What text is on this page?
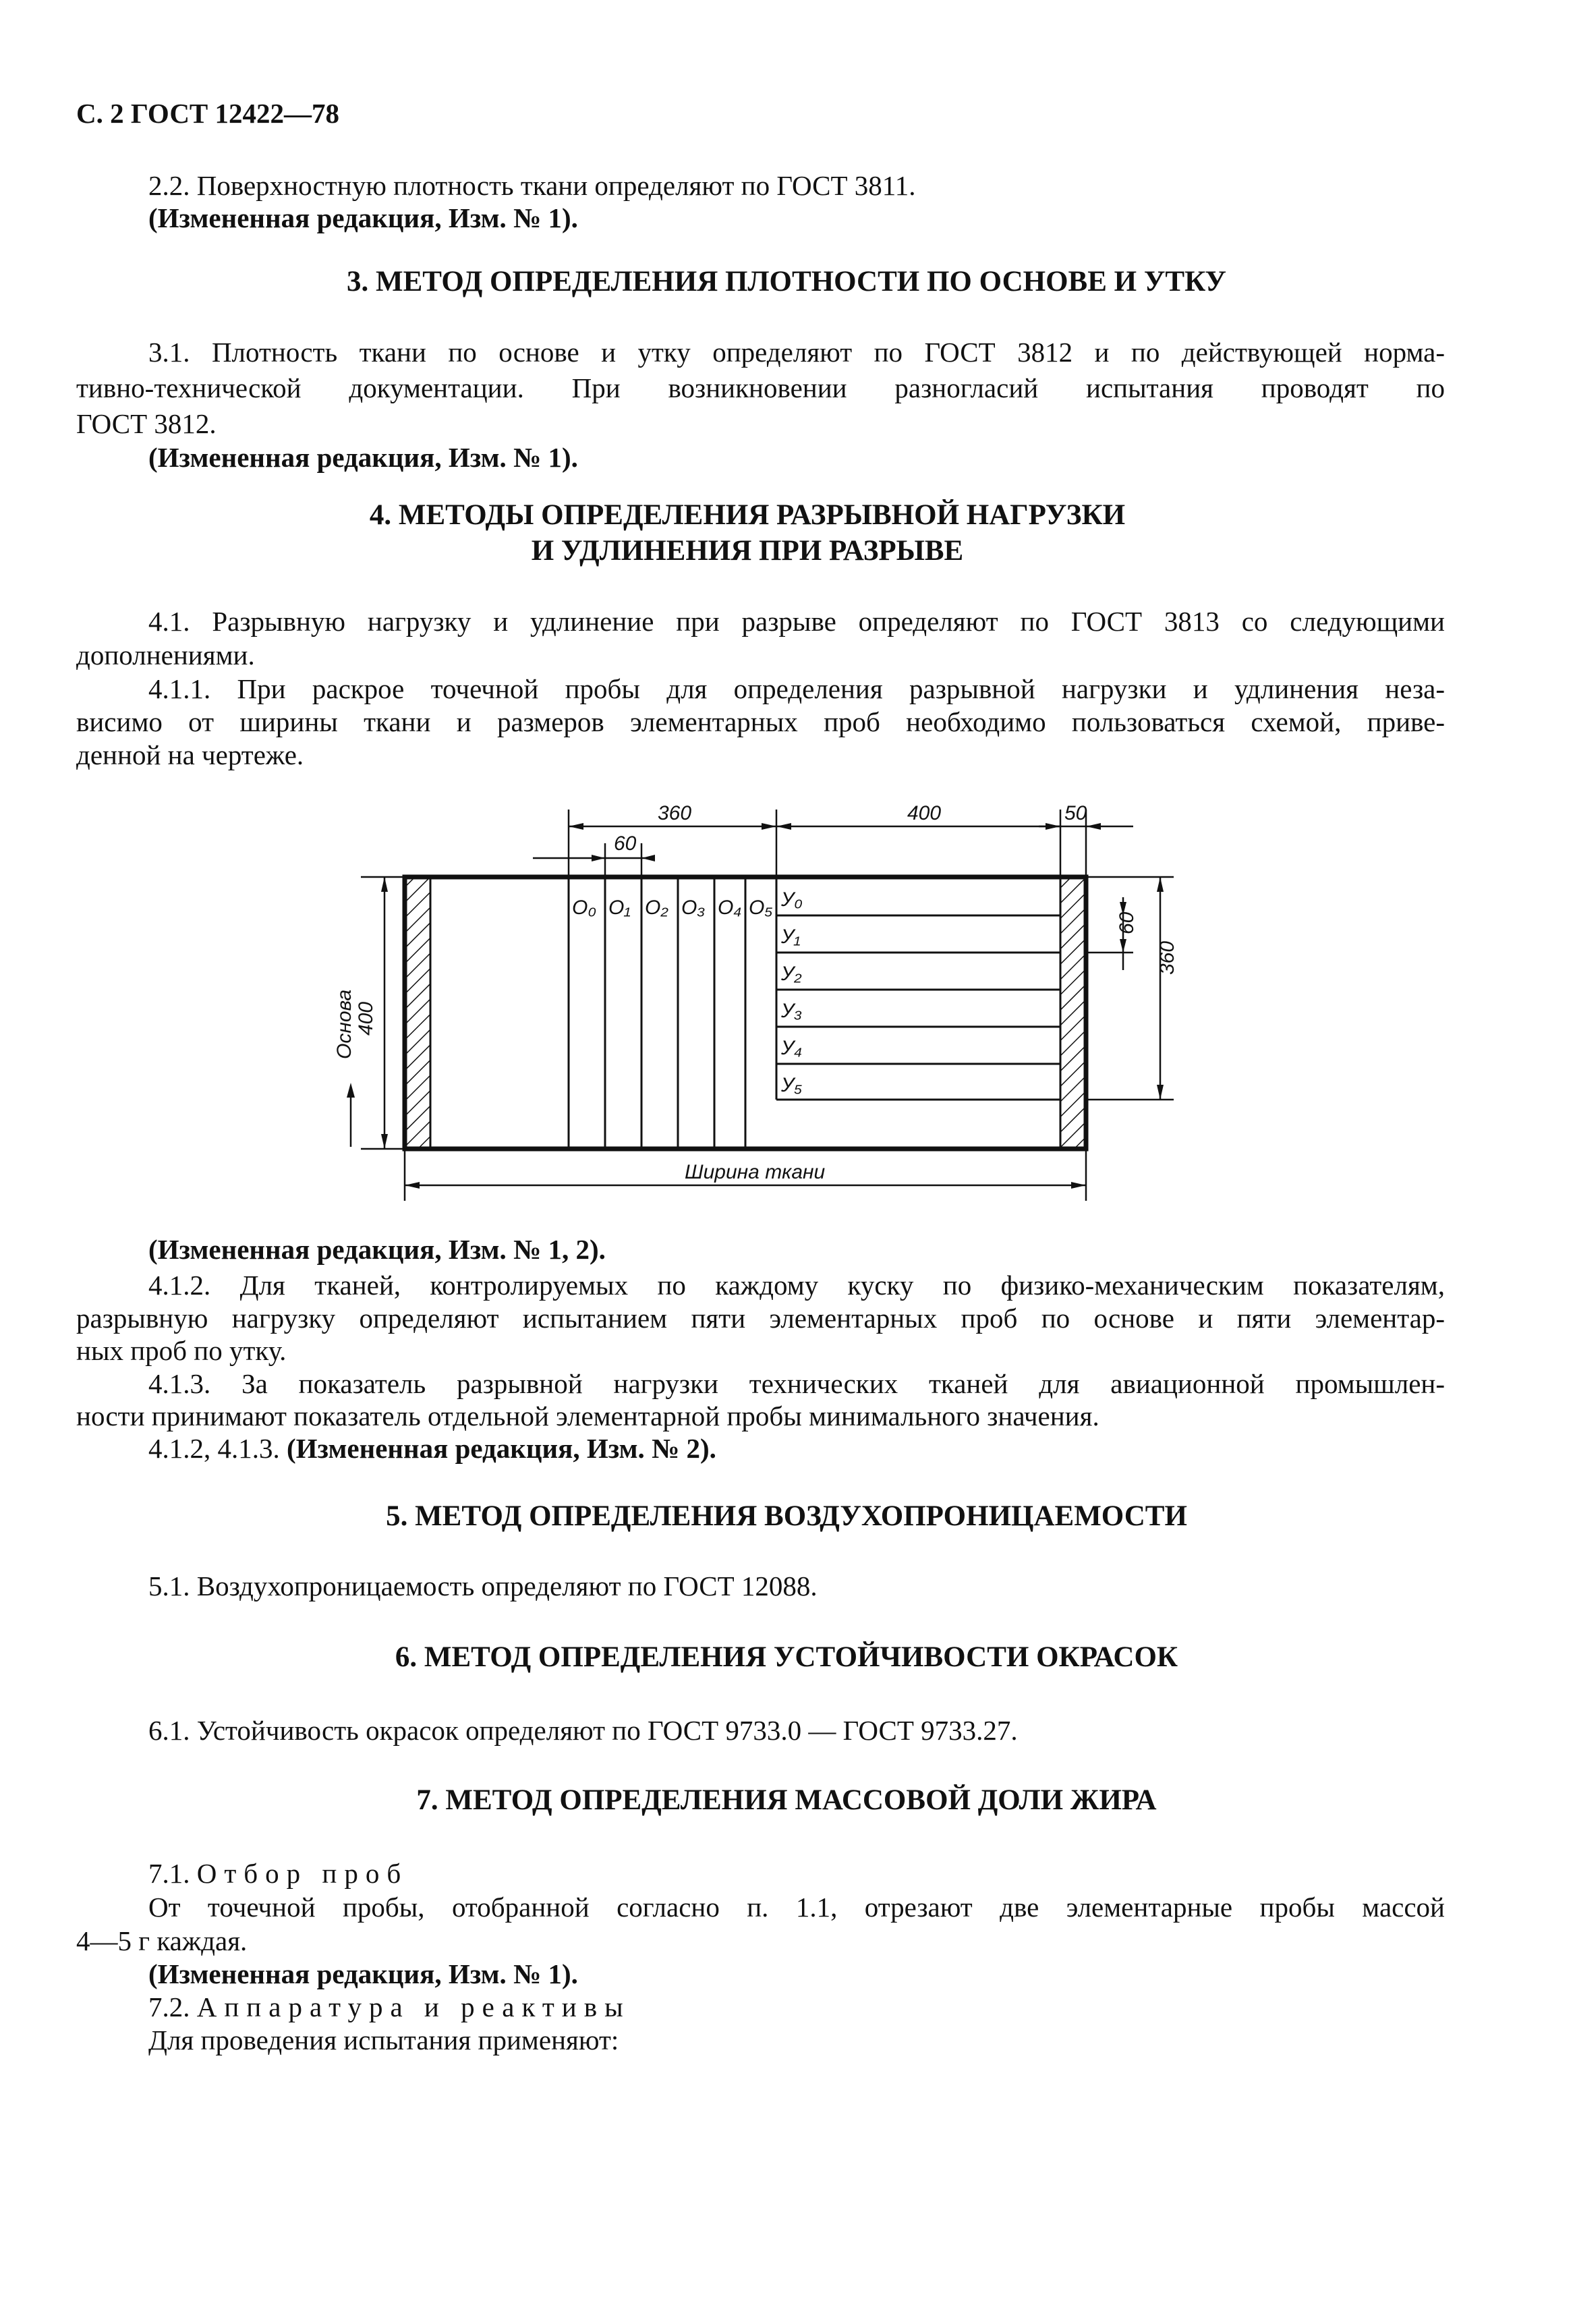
С. 2 ГОСТ 12422—78
2.2. Поверхностную плотность ткани определяют по ГОСТ 3811.
(Измененная редакция, Изм. № 1).
3. МЕТОД ОПРЕДЕЛЕНИЯ ПЛОТНОСТИ ПО ОСНОВЕ И УТКУ
3.1. Плотность ткани по основе и утку определяют по ГОСТ 3812 и по действующей норма-
тивно-технической документации. При возникновении разногласий испытания проводят по
ГОСТ 3812.
(Измененная редакция, Изм. № 1).
4. МЕТОДЫ ОПРЕДЕЛЕНИЯ РАЗРЫВНОЙ НАГРУЗКИ
И УДЛИНЕНИЯ ПРИ РАЗРЫВЕ
4.1. Разрывную нагрузку и удлинение при разрыве определяют по ГОСТ 3813 со следующими
дополнениями.
4.1.1. При раскрое точечной пробы для определения разрывной нагрузки и удлинения неза-
висимо от ширины ткани и размеров элементарных проб необходимо пользоваться схемой, приве-
денной на чертеже.
360
60
400	50
60
360
Основа 400
Ширина ткани
О₀ О₁ О₂ О₃ О₄ О₅ У₀
У₁
У₂
У₃
У₄
У₅
(Измененная редакция, Изм. № 1, 2).
4.1.2. Для тканей, контролируемых по каждому куску по физико-механическим показателям,
разрывную нагрузку определяют испытанием пяти элементарных проб по основе и пяти элементар-
ных проб по утку.
4.1.3. За показатель разрывной нагрузки технических тканей для авиационной промышлен-
ности принимают показатель отдельной элементарной пробы минимального значения.
4.1.2, 4.1.3. (Измененная редакция, Изм. № 2).
5. МЕТОД ОПРЕДЕЛЕНИЯ ВОЗДУХОПРОНИЦАЕМОСТИ
5.1. Воздухопроницаемость определяют по ГОСТ 12088.
6. МЕТОД ОПРЕДЕЛЕНИЯ УСТОЙЧИВОСТИ ОКРАСОК
6.1. Устойчивость окрасок определяют по ГОСТ 9733.0 — ГОСТ 9733.27.
7. МЕТОД ОПРЕДЕЛЕНИЯ МАССОВОЙ ДОЛИ ЖИРА
7.1. Отбор проб
От точечной пробы, отобранной согласно п. 1.1, отрезают две элементарные пробы массой
4—5 г каждая.
(Измененная редакция, Изм. № 1).
7.2. Аппаратура и реактивы
Для проведения испытания применяют:
